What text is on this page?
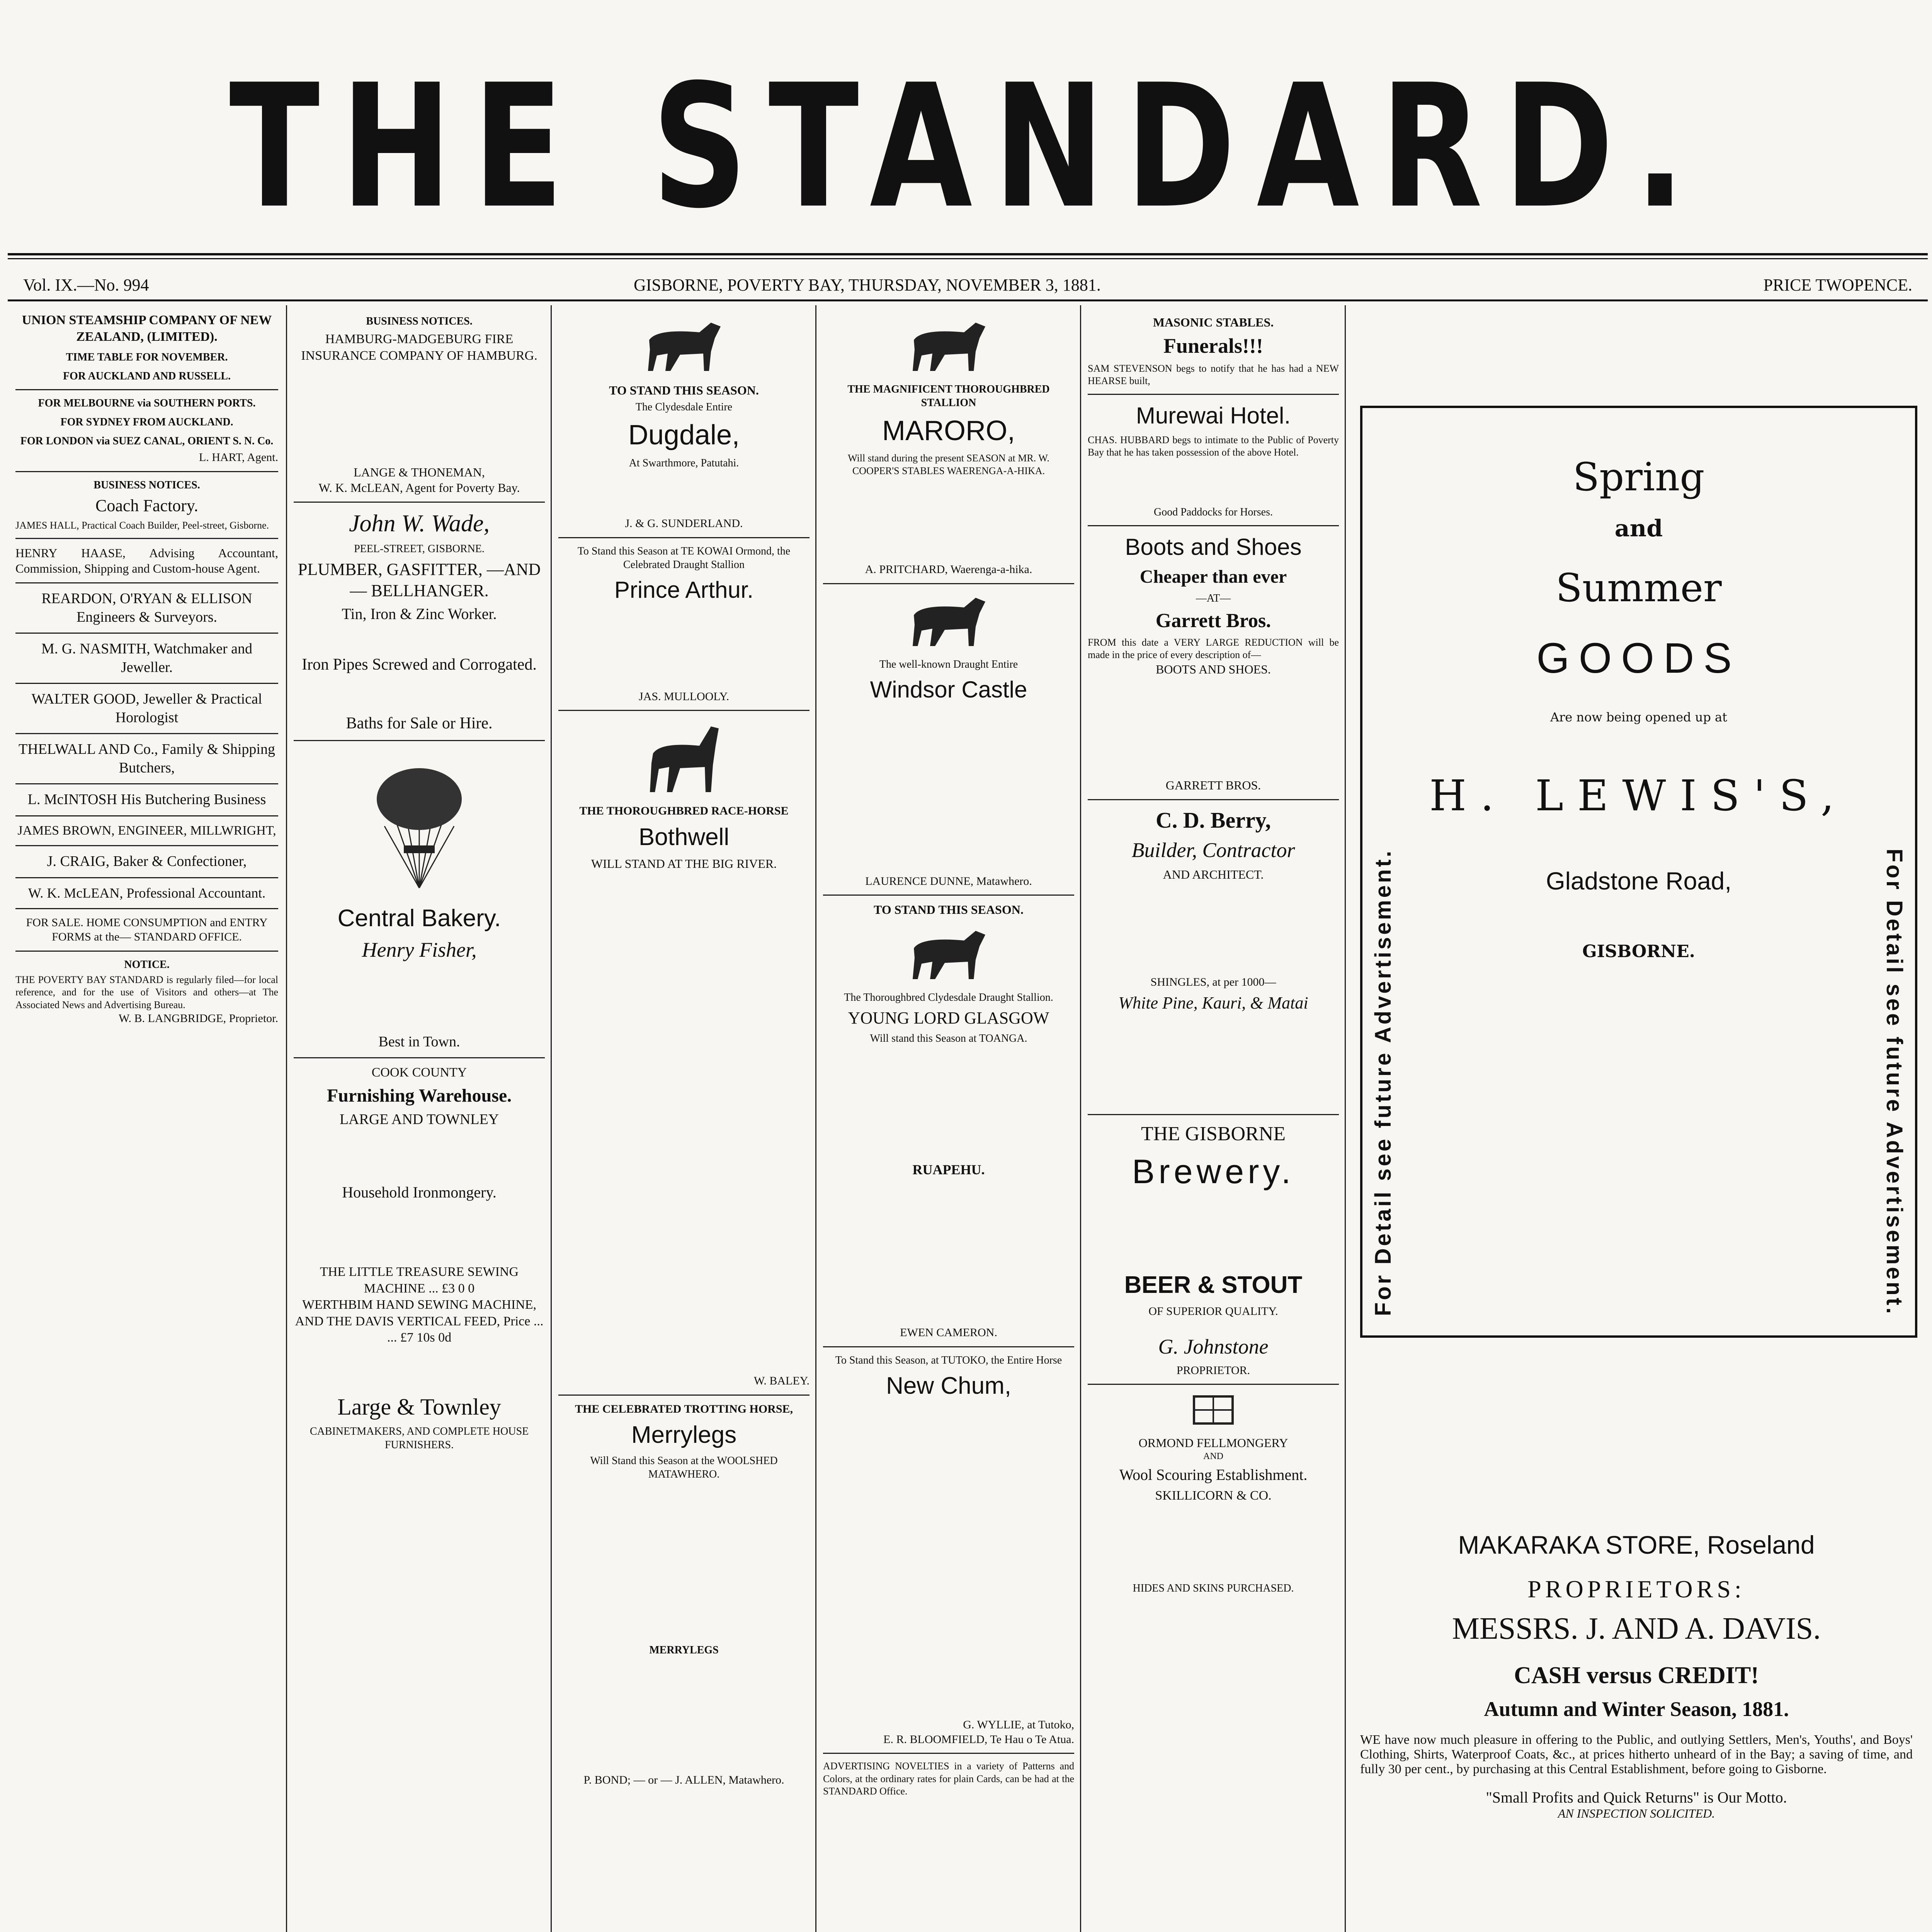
THE STANDARD.
Vol. IX.—No. 994	GISBORNE, POVERTY BAY, THURSDAY, NOVEMBER 3, 1881.	PRICE TWOPENCE.
UNION STEAMSHIP COMPANY OF NEW ZEALAND, (LIMITED).
TIME TABLE FOR NOVEMBER.
FOR AUCKLAND AND RUSSELL.
FOR MELBOURNE via SOUTHERN PORTS.
FOR SYDNEY FROM AUCKLAND.
FOR LONDON via SUEZ CANAL, ORIENT S. N. Co.
L. HART, Agent.
BUSINESS NOTICES.
Coach Factory.
JAMES HALL, Practical Coach Builder, Peel-street, Gisborne.
HENRY HAASE, Advising Accountant, Commission, Shipping and Custom-house Agent.
REARDON, O'RYAN & ELLISON Engineers & Surveyors.
M. G. NASMITH, Watchmaker and Jeweller.
WALTER GOOD, Jeweller & Practical Horologist
THELWALL AND Co., Family & Shipping Butchers,
L. McINTOSH His Butchering Business
JAMES BROWN, ENGINEER, MILLWRIGHT,
J. CRAIG, Baker & Confectioner,
W. K. McLEAN, Professional Accountant.
FOR SALE. HOME CONSUMPTION and ENTRY FORMS at the— STANDARD OFFICE.
NOTICE.
THE POVERTY BAY STANDARD is regularly filed—for local reference, and for the use of Visitors and others—at The Associated News and Advertising Bureau.
W. B. LANGBRIDGE, Proprietor.
BUSINESS NOTICES.
HAMBURG-MADGEBURG FIRE INSURANCE COMPANY OF HAMBURG.
LANGE & THONEMAN,
W. K. McLEAN, Agent for Poverty Bay.
John W. Wade,
PEEL-STREET, GISBORNE.
PLUMBER, GASFITTER, —AND— BELLHANGER.
Tin, Iron & Zinc Worker.
Iron Pipes Screwed and Corrogated.
Baths for Sale or Hire.
Central Bakery.
Henry Fisher,
Best in Town.
COOK COUNTY
Furnishing Warehouse.
LARGE AND TOWNLEY
Household Ironmongery.
THE LITTLE TREASURE SEWING MACHINE ... £3 0 0
WERTHBIM HAND SEWING MACHINE, AND THE DAVIS VERTICAL FEED, Price ... ... £7 10s 0d
Large & Townley
CABINETMAKERS, AND COMPLETE HOUSE FURNISHERS.
TO STAND THIS SEASON.
The Clydesdale Entire
Dugdale,
At Swarthmore, Patutahi.
J. & G. SUNDERLAND.
To Stand this Season at TE KOWAI Ormond, the Celebrated Draught Stallion
Prince Arthur.
JAS. MULLOOLY.
THE THOROUGHBRED RACE-HORSE
Bothwell
WILL STAND AT THE BIG RIVER.
W. BALEY.
THE CELEBRATED TROTTING HORSE,
Merrylegs
Will Stand this Season at the WOOLSHED MATAWHERO.
MERRYLEGS
P. BOND; — or — J. ALLEN, Matawhero.
THE MAGNIFICENT THOROUGHBRED STALLION
MARORO,
Will stand during the present SEASON at MR. W. COOPER'S STABLES WAERENGA-A-HIKA.
A. PRITCHARD, Waerenga-a-hika.
The well-known Draught Entire
Windsor Castle
LAURENCE DUNNE, Matawhero.
TO STAND THIS SEASON.
The Thoroughbred Clydesdale Draught Stallion.
YOUNG LORD GLASGOW
Will stand this Season at TOANGA.
RUAPEHU.
EWEN CAMERON.
To Stand this Season, at TUTOKO, the Entire Horse
New Chum,
G. WYLLIE, at Tutoko,
E. R. BLOOMFIELD, Te Hau o Te Atua.
ADVERTISING NOVELTIES in a variety of Patterns and Colors, at the ordinary rates for plain Cards, can be had at the STANDARD Office.
MASONIC STABLES.
Funerals!!!
SAM STEVENSON begs to notify that he has had a NEW HEARSE built,
Murewai Hotel.
CHAS. HUBBARD begs to intimate to the Public of Poverty Bay that he has taken possession of the above Hotel.
Good Paddocks for Horses.
Boots and Shoes
Cheaper than ever
—AT—
Garrett Bros.
FROM this date a VERY LARGE REDUCTION will be made in the price of every description of—
BOOTS AND SHOES.
GARRETT BROS.
C. D. Berry,
Builder, Contractor
AND ARCHITECT.
SHINGLES, at per 1000—
White Pine, Kauri, & Matai
THE GISBORNE
Brewery.
BEER & STOUT
OF SUPERIOR QUALITY.
G. Johnstone
PROPRIETOR.
ORMOND FELLMONGERY
AND
Wool Scouring Establishment.
SKILLICORN & CO.
HIDES AND SKINS PURCHASED.
For Detail see future Advertisement.	For Detail see future Advertisement.
Spring
and
Summer
GOODS
Are now being opened up at
H. LEWIS'S,
Gladstone Road,
GISBORNE.
MAKARAKA STORE, Roseland
PROPRIETORS:
MESSRS. J. AND A. DAVIS.
CASH versus CREDIT!
Autumn and Winter Season, 1881.
WE have now much pleasure in offering to the Public, and outlying Settlers, Men's, Youths', and Boys' Clothing, Shirts, Waterproof Coats, &c., at prices hitherto unheard of in the Bay; a saving of time, and fully 30 per cent., by purchasing at this Central Establishment, before going to Gisborne.
"Small Profits and Quick Returns" is Our Motto.
AN INSPECTION SOLICITED.
